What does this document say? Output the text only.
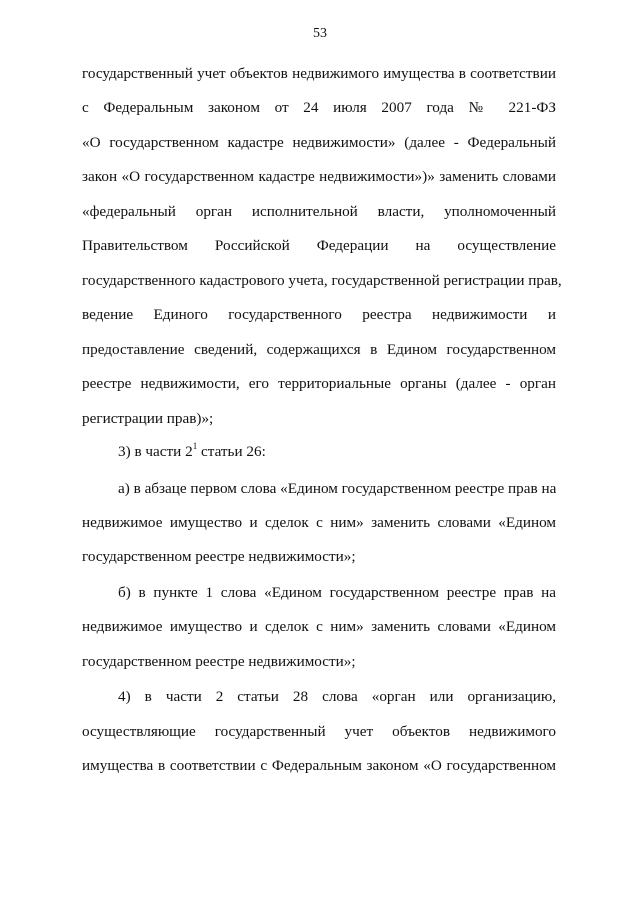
53
государственный учет объектов недвижимого имущества в соответствии
с Федеральным законом от 24 июля 2007 года № 221-ФЗ
«О государственном кадастре недвижимости» (далее - Федеральный
закон «О государственном кадастре недвижимости»)» заменить словами
«федеральный орган исполнительной власти, уполномоченный
Правительством Российской Федерации на осуществление
государственного кадастрового учета, государственной регистрации прав,
ведение Единого государственного реестра недвижимости и
предоставление сведений, содержащихся в Едином государственном
реестре недвижимости, его территориальные органы (далее - орган
регистрации прав)»;
3) в части $2^1$ статьи 26:
а) в абзаце первом слова «Едином государственном реестре прав на
недвижимое имущество и сделок с ним» заменить словами «Едином
государственном реестре недвижимости»;
б) в пункте 1 слова «Едином государственном реестре прав на
недвижимое имущество и сделок с ним» заменить словами «Едином
государственном реестре недвижимости»;
4) в части 2 статьи 28 слова «орган или организацию,
осуществляющие государственный учет объектов недвижимого
имущества в соответствии с Федеральным законом «О государственном
